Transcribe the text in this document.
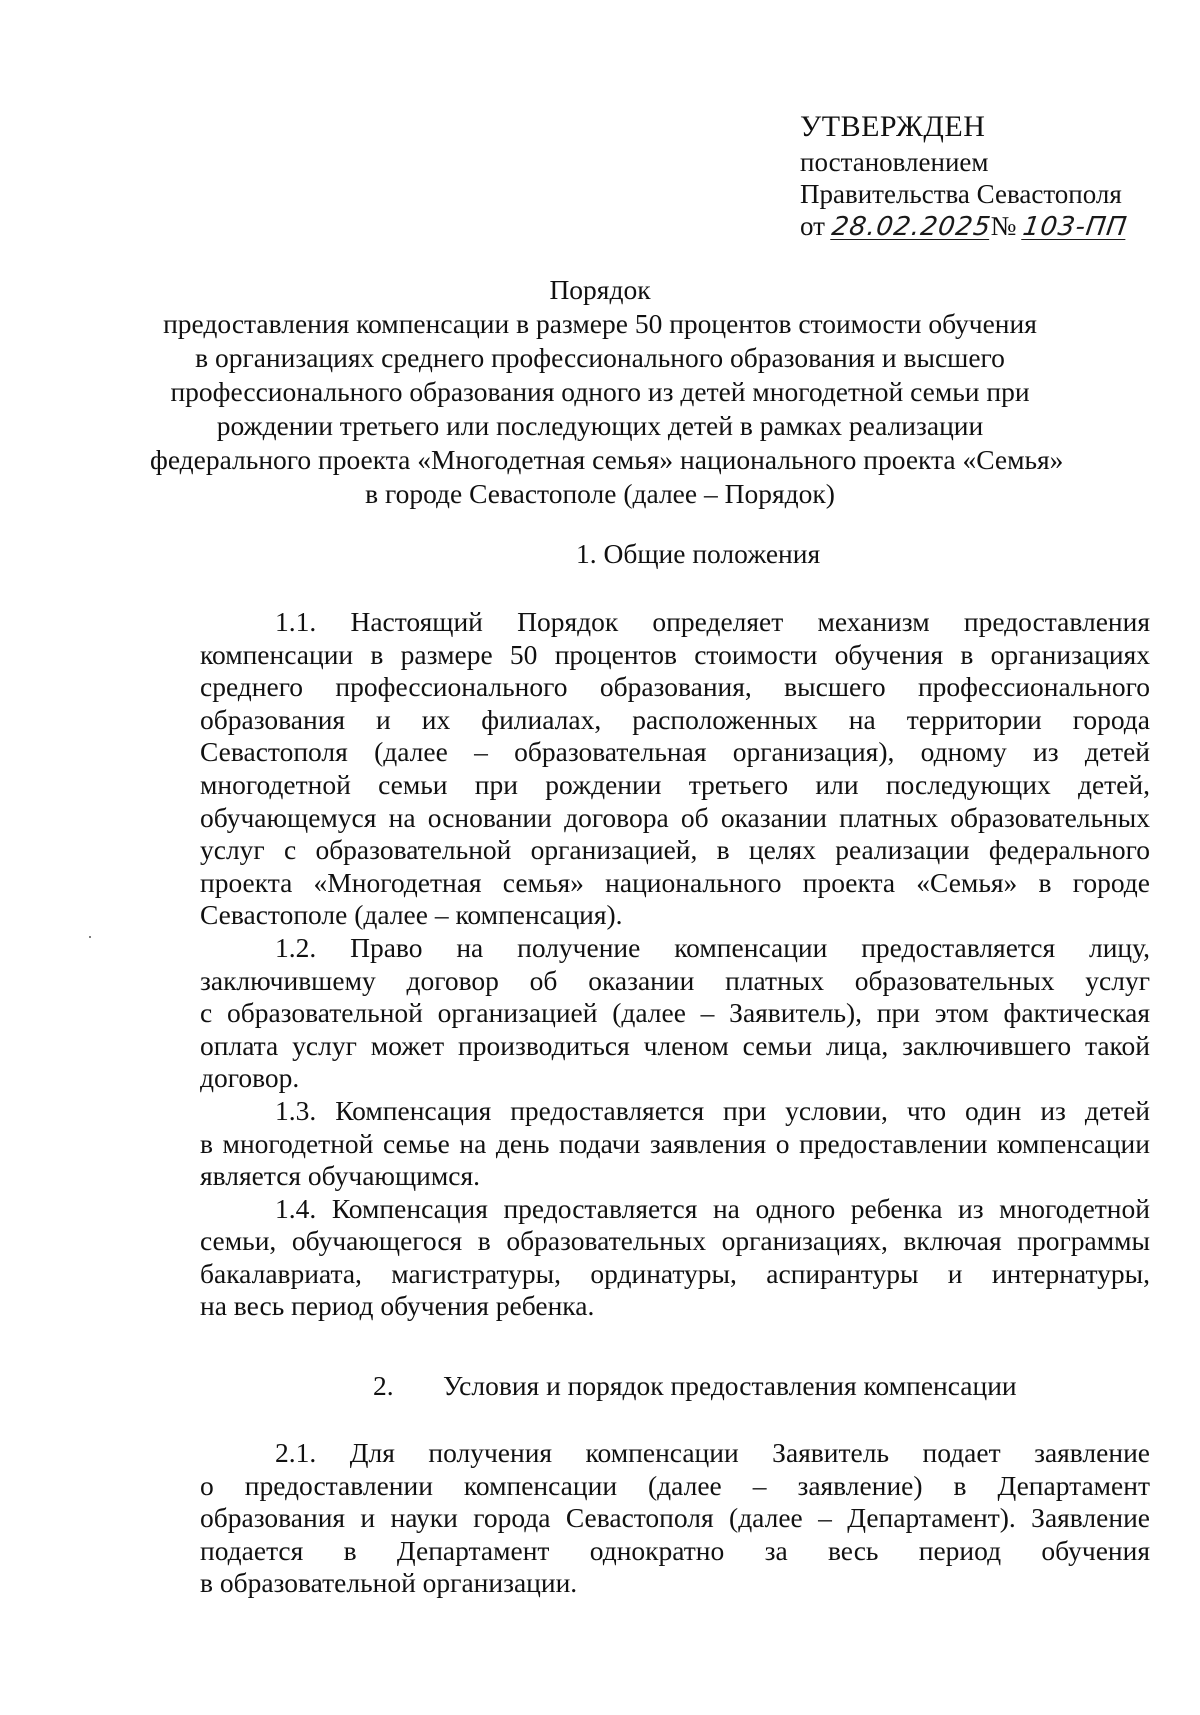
УТВЕРЖДЕН
постановлением
Правительства Севастополя
от 28.02.2025№ 103-ПП
Порядок
предоставления компенсации в размере 50 процентов стоимости обучения
в организациях среднего профессионального образования и высшего
профессионального образования одного из детей многодетной семьи при
рождении третьего или последующих детей в рамках реализации
федерального проекта «Многодетная семья» национального проекта «Семья»
в городе Севастополе (далее – Порядок)
1. Общие положения
1.1. Настоящий Порядок определяет механизм предоставления
компенсации в размере 50 процентов стоимости обучения в организациях
среднего профессионального образования, высшего профессионального
образования и их филиалах, расположенных на территории города
Севастополя (далее – образовательная организация), одному из детей
многодетной семьи при рождении третьего или последующих детей,
обучающемуся на основании договора об оказании платных образовательных
услуг с образовательной организацией, в целях реализации федерального
проекта «Многодетная семья» национального проекта «Семья» в городе
Севастополе (далее – компенсация).
1.2. Право на получение компенсации предоставляется лицу,
заключившему договор об оказании платных образовательных услуг
с образовательной организацией (далее – Заявитель), при этом фактическая
оплата услуг может производиться членом семьи лица, заключившего такой
договор.
1.3. Компенсация предоставляется при условии, что один из детей
в многодетной семье на день подачи заявления о предоставлении компенсации
является обучающимся.
1.4. Компенсация предоставляется на одного ребенка из многодетной
семьи, обучающегося в образовательных организациях, включая программы
бакалавриата, магистратуры, ординатуры, аспирантуры и интернатуры,
на весь период обучения ребенка.
2. Условия и порядок предоставления компенсации
2.1. Для получения компенсации Заявитель подает заявление
о предоставлении компенсации (далее – заявление) в Департамент
образования и науки города Севастополя (далее – Департамент). Заявление
подается в Департамент однократно за весь период обучения
в образовательной организации.
